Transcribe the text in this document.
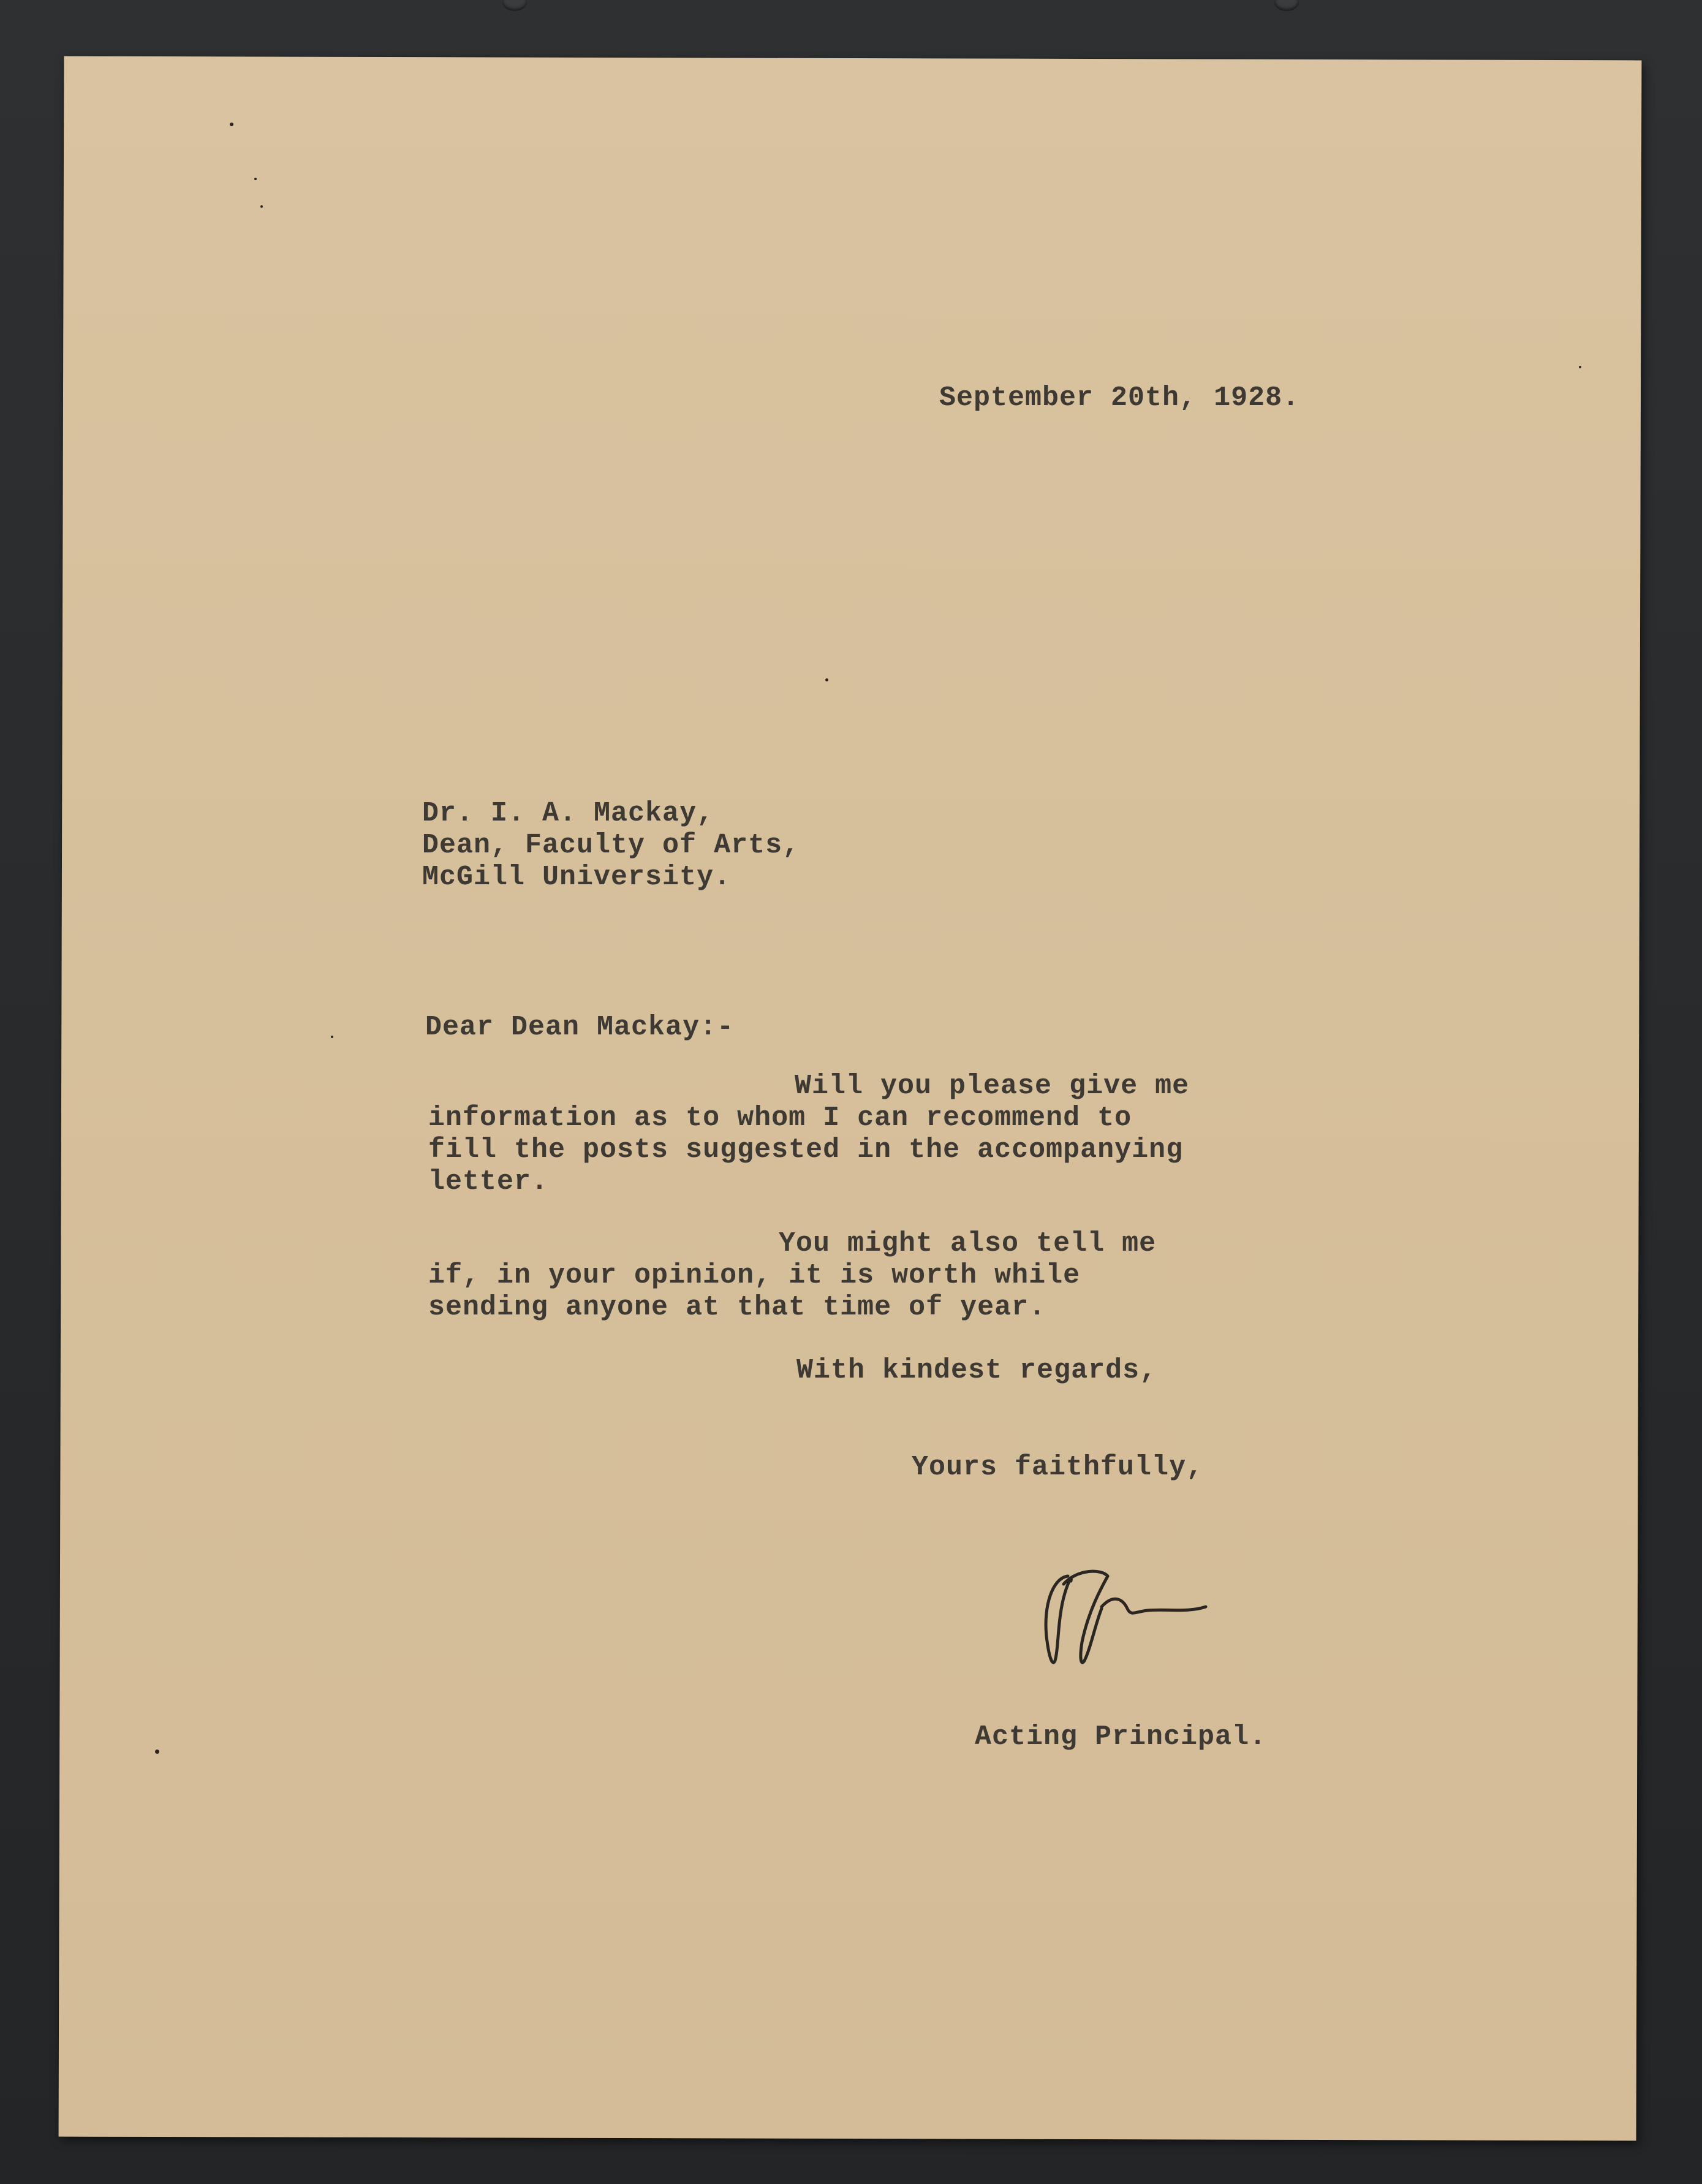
September 20th, 1928.
Dr. I. A. Mackay,
Dean, Faculty of Arts,
McGill University.
Dear Dean Mackay:-
Will you please give me
information as to whom I can recommend to
fill the posts suggested in the accompanying
letter.
You might also tell me
if, in your opinion, it is worth while
sending anyone at that time of year.
With kindest regards,
Yours faithfully,
Acting Principal.
